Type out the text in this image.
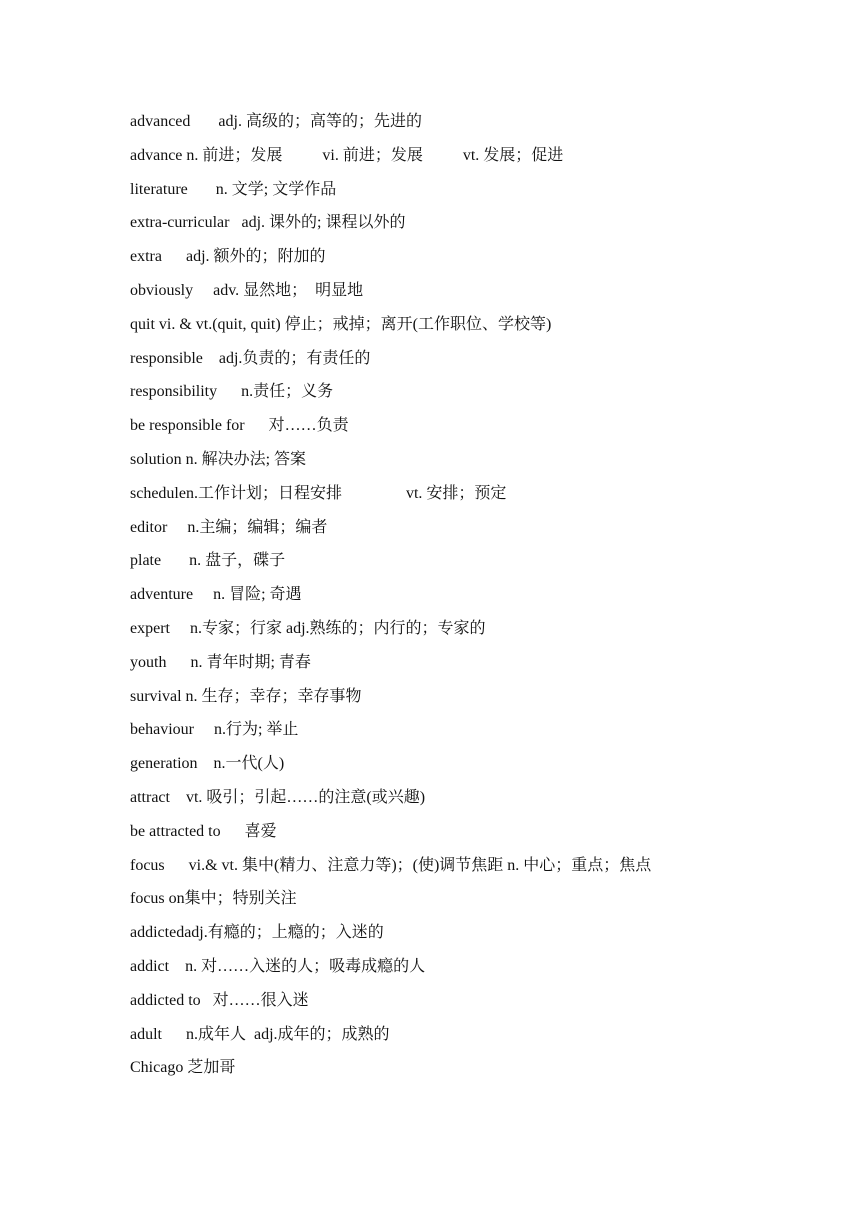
advanced       adj. 高级的；高等的；先进的
advance n. 前进；发展          vi. 前进；发展          vt. 发展；促进
literature       n. 文学; 文学作品
extra-curricular   adj. 课外的; 课程以外的
extra      adj. 额外的；附加的
obviously     adv. 显然地；  明显地
quit vi. & vt.(quit, quit) 停止；戒掉；离开(工作职位、学校等)
responsible    adj.负责的；有责任的
responsibility      n.责任；义务
be responsible for      对……负责
solution n. 解决办法; 答案
schedulen.工作计划；日程安排                vt. 安排；预定
editor     n.主编；编辑；编者
plate       n. 盘子，碟子
adventure     n. 冒险; 奇遇
expert     n.专家；行家 adj.熟练的；内行的；专家的
youth      n. 青年时期; 青春
survival n. 生存；幸存；幸存事物
behaviour     n.行为; 举止
generation    n.一代(人)
attract    vt. 吸引；引起……的注意(或兴趣)
be attracted to      喜爱
focus      vi.& vt. 集中(精力、注意力等)；(使)调节焦距 n. 中心；重点；焦点
focus on集中；特别关注
addictedadj.有瘾的；上瘾的；入迷的
addict    n. 对……入迷的人；吸毒成瘾的人
addicted to   对……很入迷
adult      n.成年人  adj.成年的；成熟的
Chicago 芝加哥
